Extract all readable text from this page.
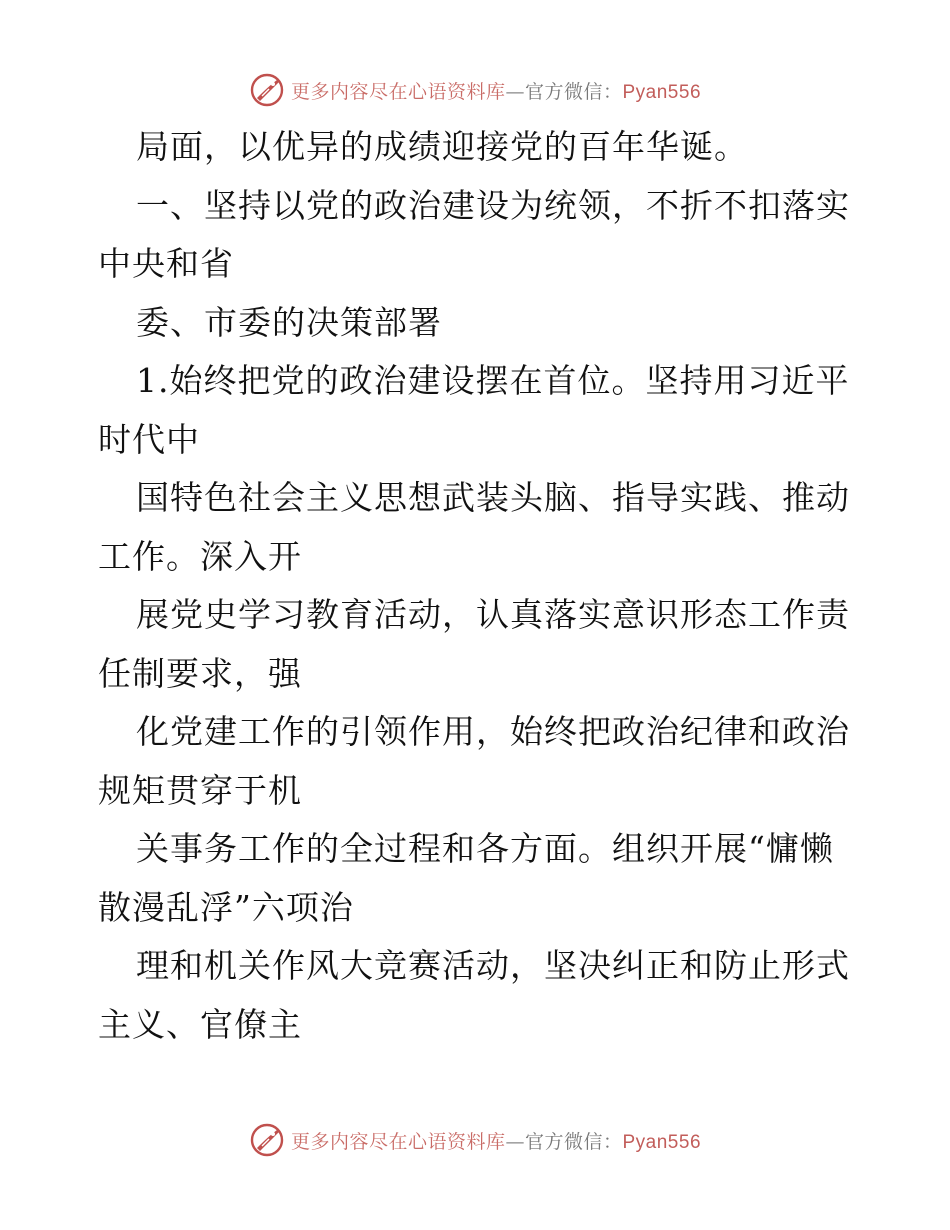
更多内容尽在心语资料库—官方微信：Pyan556
局面，以优异的成绩迎接党的百年华诞。
一、坚持以党的政治建设为统领，不折不扣落实
中央和省
委、市委的决策部署
1.始终把党的政治建设摆在首位。坚持用习近平
时代中
国特色社会主义思想武装头脑、指导实践、推动
工作。深入开
展党史学习教育活动，认真落实意识形态工作责
任制要求，强
化党建工作的引领作用，始终把政治纪律和政治
规矩贯穿于机
关事务工作的全过程和各方面。组织开展“慵懒
散漫乱浮”六项治
理和机关作风大竞赛活动，坚决纠正和防止形式
主义、官僚主
更多内容尽在心语资料库—官方微信：Pyan556
